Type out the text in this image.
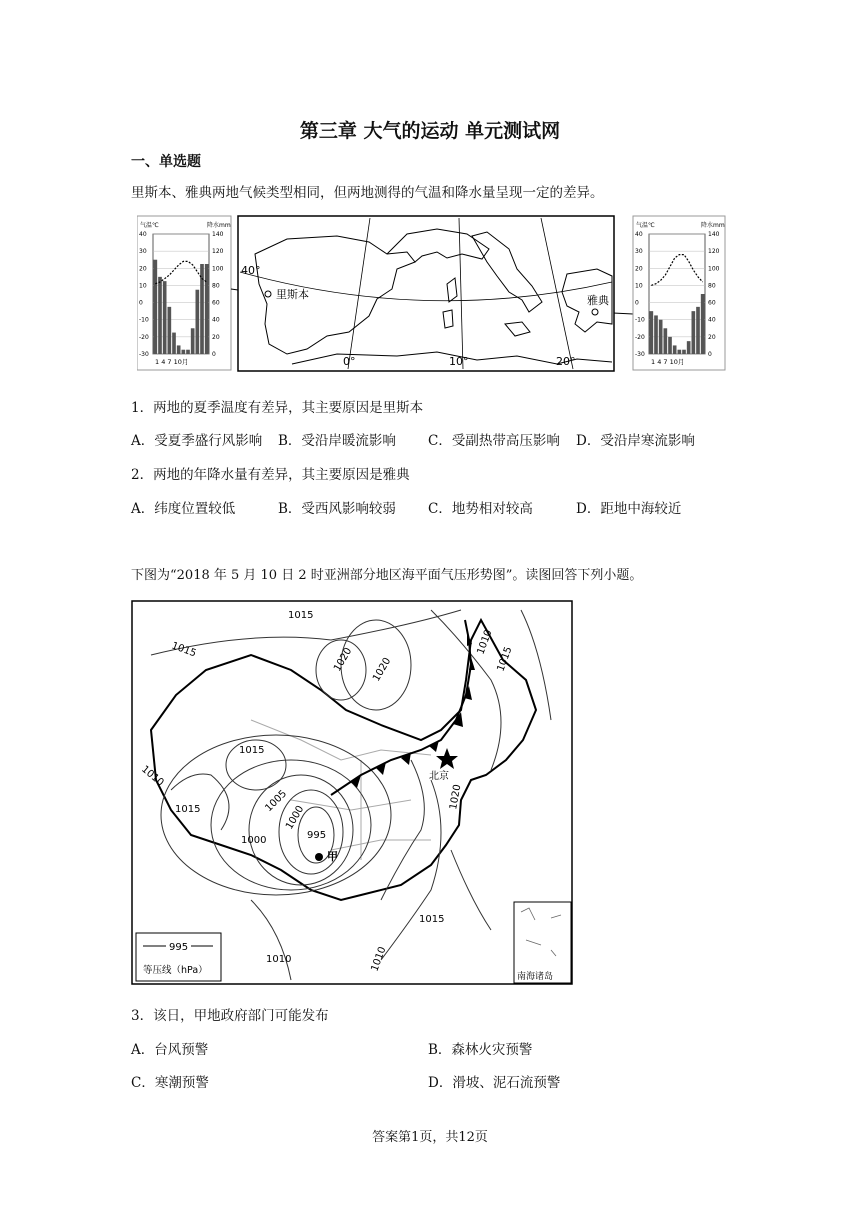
第三章 大气的运动 单元测试网
一、单选题
里斯本、雅典两地气候类型相同，但两地测得的气温和降水量呈现一定的差异。
气温℃	降水mm
40	140
30	120
20	100
10	80
0	60
-10	40
-20	20
-30	0
1 4 7 10月
里斯本	雅典
40°
0°	10°	20°
气温℃	降水mm
40	140
30	120
20	100
10	80
0	60
-10	40
-20	20
-30	0
1 4 7 10月
1．两地的夏季温度有差异，其主要原因是里斯本
A．受夏季盛行风影响 B．受沿岸暖流影响 C．受副热带高压影响 D．受沿岸寒流影响
2．两地的年降水量有差异，其主要原因是雅典
A．纬度位置较低	B．受西风影响较弱 C．地势相对较高	D．距地中海较近
下图为“2018 年 5 月 10 日 2 时亚洲部分地区海平面气压形势图”。读图回答下列小题。
1015
1015	1020 1020
1010
1015
1015
1010
1015	1005
1000
1000
995
1020
1015
1010	1010
北京
甲
995
等压线（hPa）
南海诸岛
3．该日，甲地政府部门可能发布
A．台风预警	B．森林火灾预警
C．寒潮预警	D．滑坡、泥石流预警
答案第1页，共12页
